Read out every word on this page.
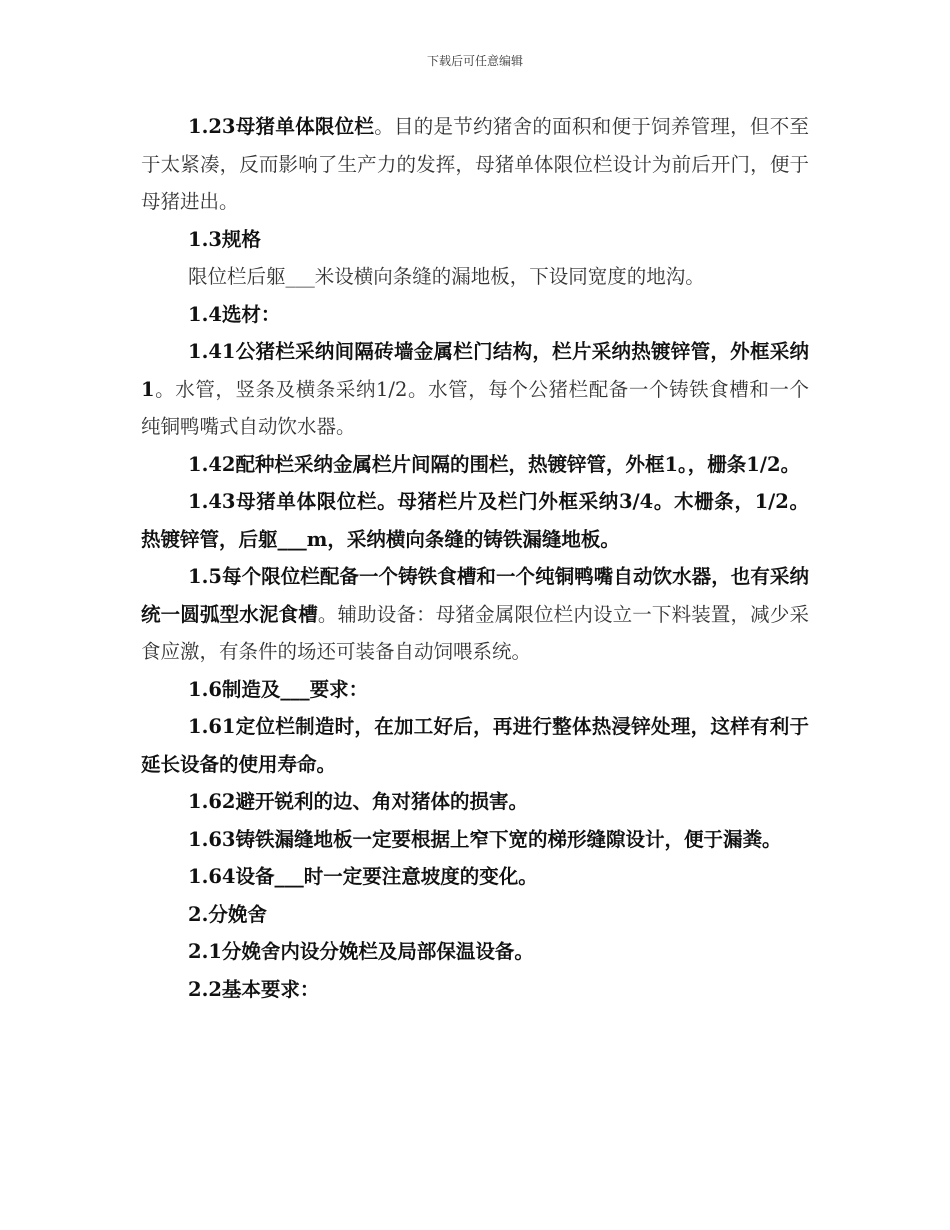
下载后可任意编辑

1.23母猪单体限位栏。目的是节约猪舍的面积和便于饲养管理，但不至于太紧凑，反而影响了生产力的发挥，母猪单体限位栏设计为前后开门，便于母猪进出。

1.3规格

限位栏后躯___米设横向条缝的漏地板，下设同宽度的地沟。

1.4选材：

1.41公猪栏采纳间隔砖墙金属栏门结构，栏片采纳热镀锌管，外框采纳1。水管，竖条及横条采纳1/2。水管，每个公猪栏配备一个铸铁食槽和一个纯铜鸭嘴式自动饮水器。

1.42配种栏采纳金属栏片间隔的围栏，热镀锌管，外框1。，栅条1/2。

1.43母猪单体限位栏。母猪栏片及栏门外框采纳3/4。木栅条，1/2。热镀锌管，后躯___m，采纳横向条缝的铸铁漏缝地板。

1.5每个限位栏配备一个铸铁食槽和一个纯铜鸭嘴自动饮水器，也有采纳统一圆弧型水泥食槽。辅助设备：母猪金属限位栏内设立一下料装置，减少采食应激，有条件的场还可装备自动饲喂系统。

1.6制造及___要求：

1.61定位栏制造时，在加工好后，再进行整体热浸锌处理，这样有利于延长设备的使用寿命。

1.62避开锐利的边、角对猪体的损害。

1.63铸铁漏缝地板一定要根据上窄下宽的梯形缝隙设计，便于漏粪。

1.64设备___时一定要注意坡度的变化。

2.分娩舍

2.1分娩舍内设分娩栏及局部保温设备。

2.2基本要求：
